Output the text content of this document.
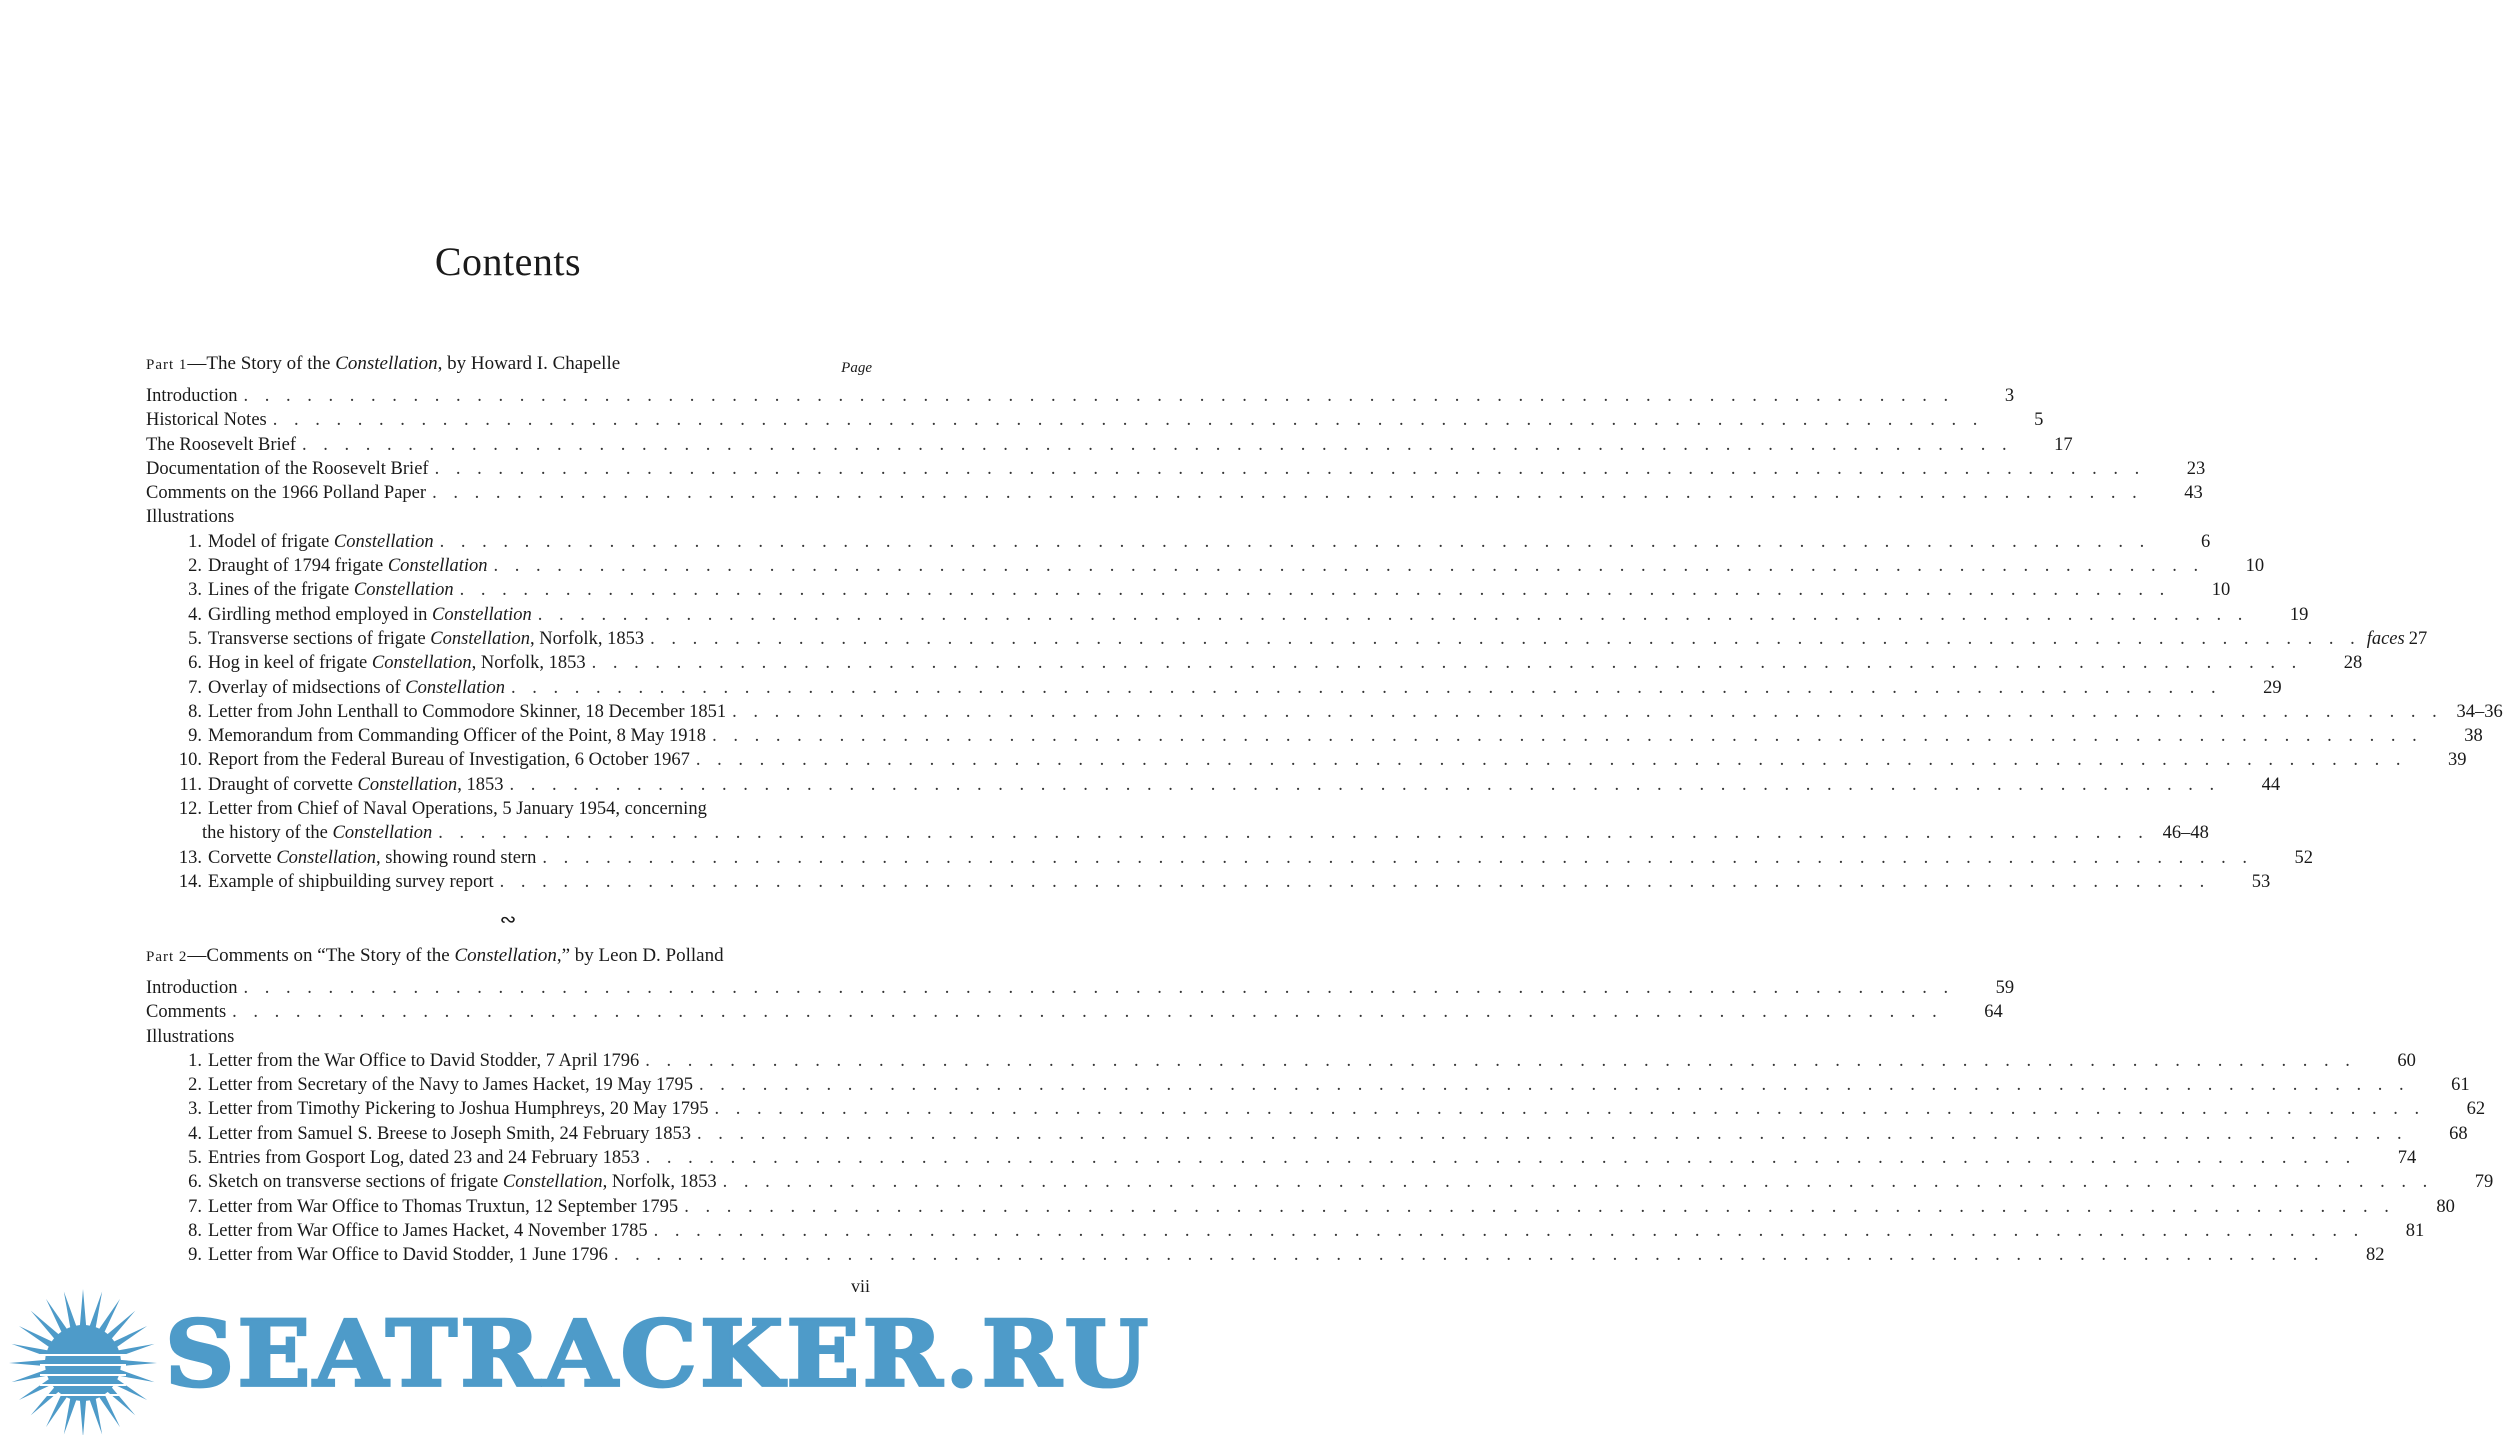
Contents
Part 1—The Story of the Constellation, by Howard I. Chapelle	Page
Introduction . . .	3
Historical Notes . . .	5
The Roosevelt Brief . . .	17
Documentation of the Roosevelt Brief . . .	23
Comments on the 1966 Polland Paper . . .	43
Illustrations
1. Model of frigate Constellation . . .	6
2. Draught of 1794 frigate Constellation . . .	10
3. Lines of the frigate Constellation . . .	10
4. Girdling method employed in Constellation . . .	19
5. Transverse sections of frigate Constellation, Norfolk, 1853 . . .	faces 27
6. Hog in keel of frigate Constellation, Norfolk, 1853 . . .	28
7. Overlay of midsections of Constellation . . .	29
8. Letter from John Lenthall to Commodore Skinner, 18 December 1851 . . .	34–36
9. Memorandum from Commanding Officer of the Point, 8 May 1918 . . .	38
10. Report from the Federal Bureau of Investigation, 6 October 1967 . . .	39
11. Draught of corvette Constellation, 1853 . . .	44
12. Letter from Chief of Naval Operations, 5 January 1954, concerning
the history of the Constellation . . .	46–48
13. Corvette Constellation, showing round stern . . .	52
14. Example of shipbuilding survey report . . .	53
∾
Part 2—Comments on “The Story of the Constellation,” by Leon D. Polland
Introduction . . .	59
Comments . . .	64
Illustrations
1. Letter from the War Office to David Stodder, 7 April 1796 . . .	60
2. Letter from Secretary of the Navy to James Hacket, 19 May 1795 . . .	61
3. Letter from Timothy Pickering to Joshua Humphreys, 20 May 1795 . . .	62
4. Letter from Samuel S. Breese to Joseph Smith, 24 February 1853 . . .	68
5. Entries from Gosport Log, dated 23 and 24 February 1853 . . .	74
6. Sketch on transverse sections of frigate Constellation, Norfolk, 1853 . . .	79
7. Letter from War Office to Thomas Truxtun, 12 September 1795 . . .	80
8. Letter from War Office to James Hacket, 4 November 1785 . . .	81
9. Letter from War Office to David Stodder, 1 June 1796 . . .	82
vii
SEATRACKER.RU
